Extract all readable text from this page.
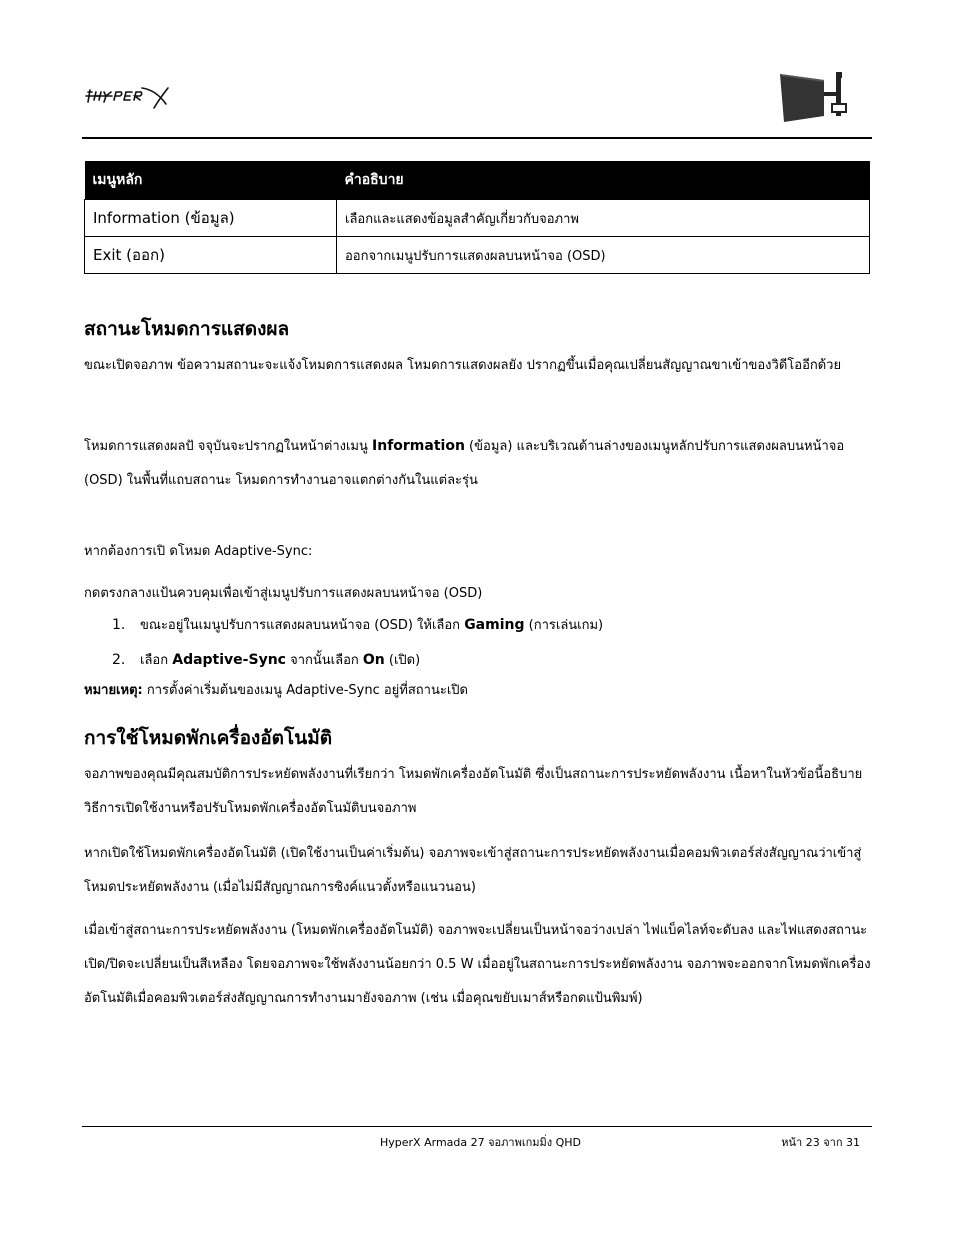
เมนูหลัก	คำอธิบาย
Information (ข้อมูล)	เลือกและแสดงข้อมูลสำคัญเกี่ยวกับจอภาพ
Exit (ออก)	ออกจากเมนูปรับการแสดงผลบนหน้าจอ (OSD)
สถานะโหมดการแสดงผล

ขณะเปิดจอภาพ ข้อความสถานะจะแจ้งโหมดการแสดงผล โหมดการแสดงผลยัง ปรากฏขึ้นเมื่อคุณเปลี่ยนสัญญาณขาเข้าของวิดีโออีกด้วย

โหมดการแสดงผลปั จจุบันจะปรากฏในหน้าต่างเมนู Information (ข้อมูล) และบริเวณด้านล่างของเมนูหลักปรับการแสดงผลบนหน้าจอ (OSD) ในพื้นที่แถบสถานะ โหมดการทำงานอาจแตกต่างกันในแต่ละรุ่น

หากต้องการเปิ ดโหมด Adaptive-Sync:

กดตรงกลางแป้นควบคุมเพื่อเข้าสู่เมนูปรับการแสดงผลบนหน้าจอ (OSD)

1. ขณะอยู่ในเมนูปรับการแสดงผลบนหน้าจอ (OSD) ให้เลือก Gaming (การเล่นเกม)

2. เลือก Adaptive-Sync จากนั้นเลือก On (เปิด)

หมายเหตุ: การตั้งค่าเริ่มต้นของเมนู Adaptive-Sync อยู่ที่สถานะเปิด

การใช้โหมดพักเครื่องอัตโนมัติ

จอภาพของคุณมีคุณสมบัติการประหยัดพลังงานที่เรียกว่า โหมดพักเครื่องอัตโนมัติ ซึ่งเป็นสถานะการประหยัดพลังงาน เนื้อหาในหัวข้อนี้อธิบายวิธีการเปิดใช้งานหรือปรับโหมดพักเครื่องอัตโนมัติบนจอภาพ

หากเปิดใช้โหมดพักเครื่องอัตโนมัติ (เปิดใช้งานเป็นค่าเริ่มต้น) จอภาพจะเข้าสู่สถานะการประหยัดพลังงานเมื่อคอมพิวเตอร์ส่งสัญญาณว่าเข้าสู่โหมดประหยัดพลังงาน (เมื่อไม่มีสัญญาณการซิงค์แนวตั้งหรือแนวนอน)

เมื่อเข้าสู่สถานะการประหยัดพลังงาน (โหมดพักเครื่องอัตโนมัติ) จอภาพจะเปลี่ยนเป็นหน้าจอว่างเปล่า ไฟแบ็คไลท์จะดับลง และไฟแสดงสถานะเปิด/ปิดจะเปลี่ยนเป็นสีเหลือง โดยจอภาพจะใช้พลังงานน้อยกว่า 0.5 W เมื่ออยู่ในสถานะการประหยัดพลังงาน จอภาพจะออกจากโหมดพักเครื่องอัตโนมัติเมื่อคอมพิวเตอร์ส่งสัญญาณการทำงานมายังจอภาพ (เช่น เมื่อคุณขยับเมาส์หรือกดแป้นพิมพ์)

HyperX Armada 27 จอภาพเกมมิ่ง QHD	หน้า 23 จาก 31
